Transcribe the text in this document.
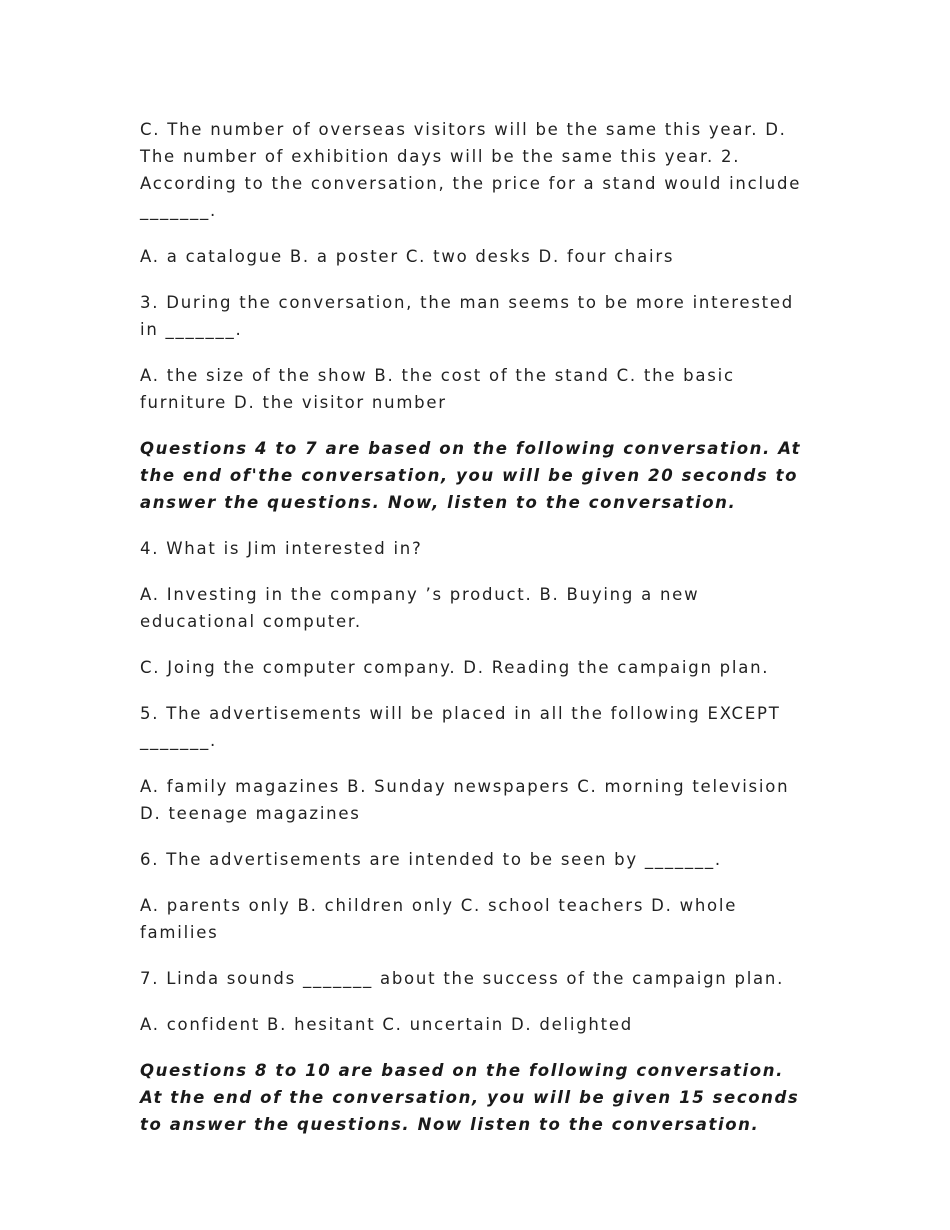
C. The number of overseas visitors will be the same this year. D. The number of exhibition days will be the same this year. 2. According to the conversation, the price for a stand would include _______.

A. a catalogue B. a poster C. two desks D. four chairs

3. During the conversation, the man seems to be more interested in _______.

A. the size of the show B. the cost of the stand C. the basic furniture D. the visitor number

Questions 4 to 7 are based on the following conversation. At the end of'the conversation, you will be given 20 seconds to answer the questions. Now, listen to the conversation.

4. What is Jim interested in?

A. Investing in the company ’s product. B. Buying a new educational computer.

C. Joing the computer company. D. Reading the campaign plan.

5. The advertisements will be placed in all the following EXCEPT _______.

A. family magazines B. Sunday newspapers C. morning television D. teenage magazines

6. The advertisements are intended to be seen by _______.

A. parents only B. children only C. school teachers D. whole families

7. Linda sounds _______ about the success of the campaign plan.

A. confident B. hesitant C. uncertain D. delighted

Questions 8 to 10 are based on the following conversation. At the end of the conversation, you will be given 15 seconds to answer the questions. Now listen to the conversation.
